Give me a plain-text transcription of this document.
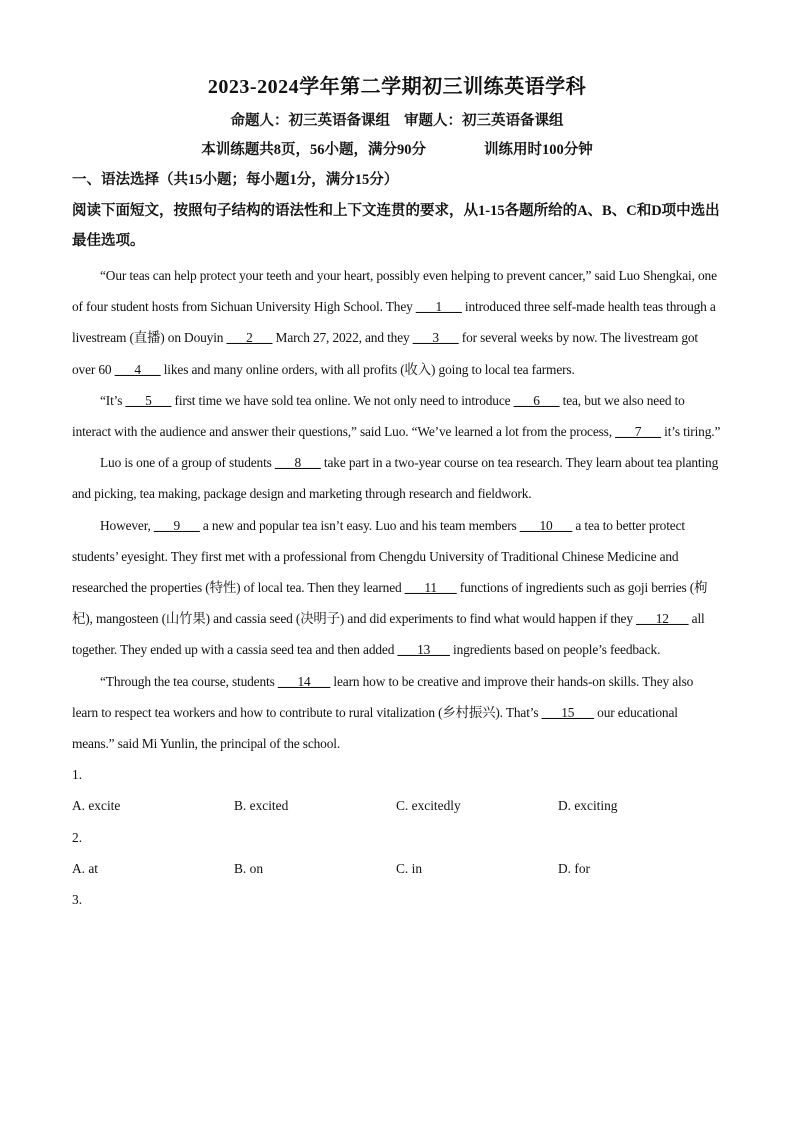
2023-2024学年第二学期初三训练英语学科
命题人：初三英语备课组 审题人：初三英语备课组
本训练题共8页，56小题，满分90分	训练用时100分钟
一、语法选择（共15小题；每小题1分，满分15分）
阅读下面短文，按照句子结构的语法性和上下文连贯的要求，从1-15各题所给的A、B、C和D项中选出最佳选项。

“Our teas can help protect your teeth and your heart, possibly even helping to prevent cancer,” said Luo Shengkai, one of four student hosts from Sichuan University High School. They ___1___ introduced three self-made health teas through a livestream (直播) on Douyin ___2___ March 27, 2022, and they ___3___ for several weeks by now. The livestream got over 60 ___4___ likes and many online orders, with all profits (收入) going to local tea farmers.

“It’s ___5___ first time we have sold tea online. We not only need to introduce ___6___ tea, but we also need to interact with the audience and answer their questions,” said Luo. “We’ve learned a lot from the process, ___7___ it’s tiring.”

Luo is one of a group of students ___8___ take part in a two-year course on tea research. They learn about tea planting and picking, tea making, package design and marketing through research and fieldwork.

However, ___9___ a new and popular tea isn’t easy. Luo and his team members ___10___ a tea to better protect students’ eyesight. They first met with a professional from Chengdu University of Traditional Chinese Medicine and researched the properties (特性) of local tea. Then they learned ___11___ functions of ingredients such as goji berries (枸杞), mangosteen (山竹果) and cassia seed (决明子) and did experiments to find what would happen if they ___12___ all together. They ended up with a cassia seed tea and then added ___13___ ingredients based on people’s feedback.

“Through the tea course, students ___14___ learn how to be creative and improve their hands-on skills. They also learn to respect tea workers and how to contribute to rural vitalization (乡村振兴). That’s ___15___ our educational means.” said Mi Yunlin, the principal of the school.

1.
A. excite	B. excited	C. excitedly	D. exciting
2.
A. at	B. on	C. in	D. for
3.
